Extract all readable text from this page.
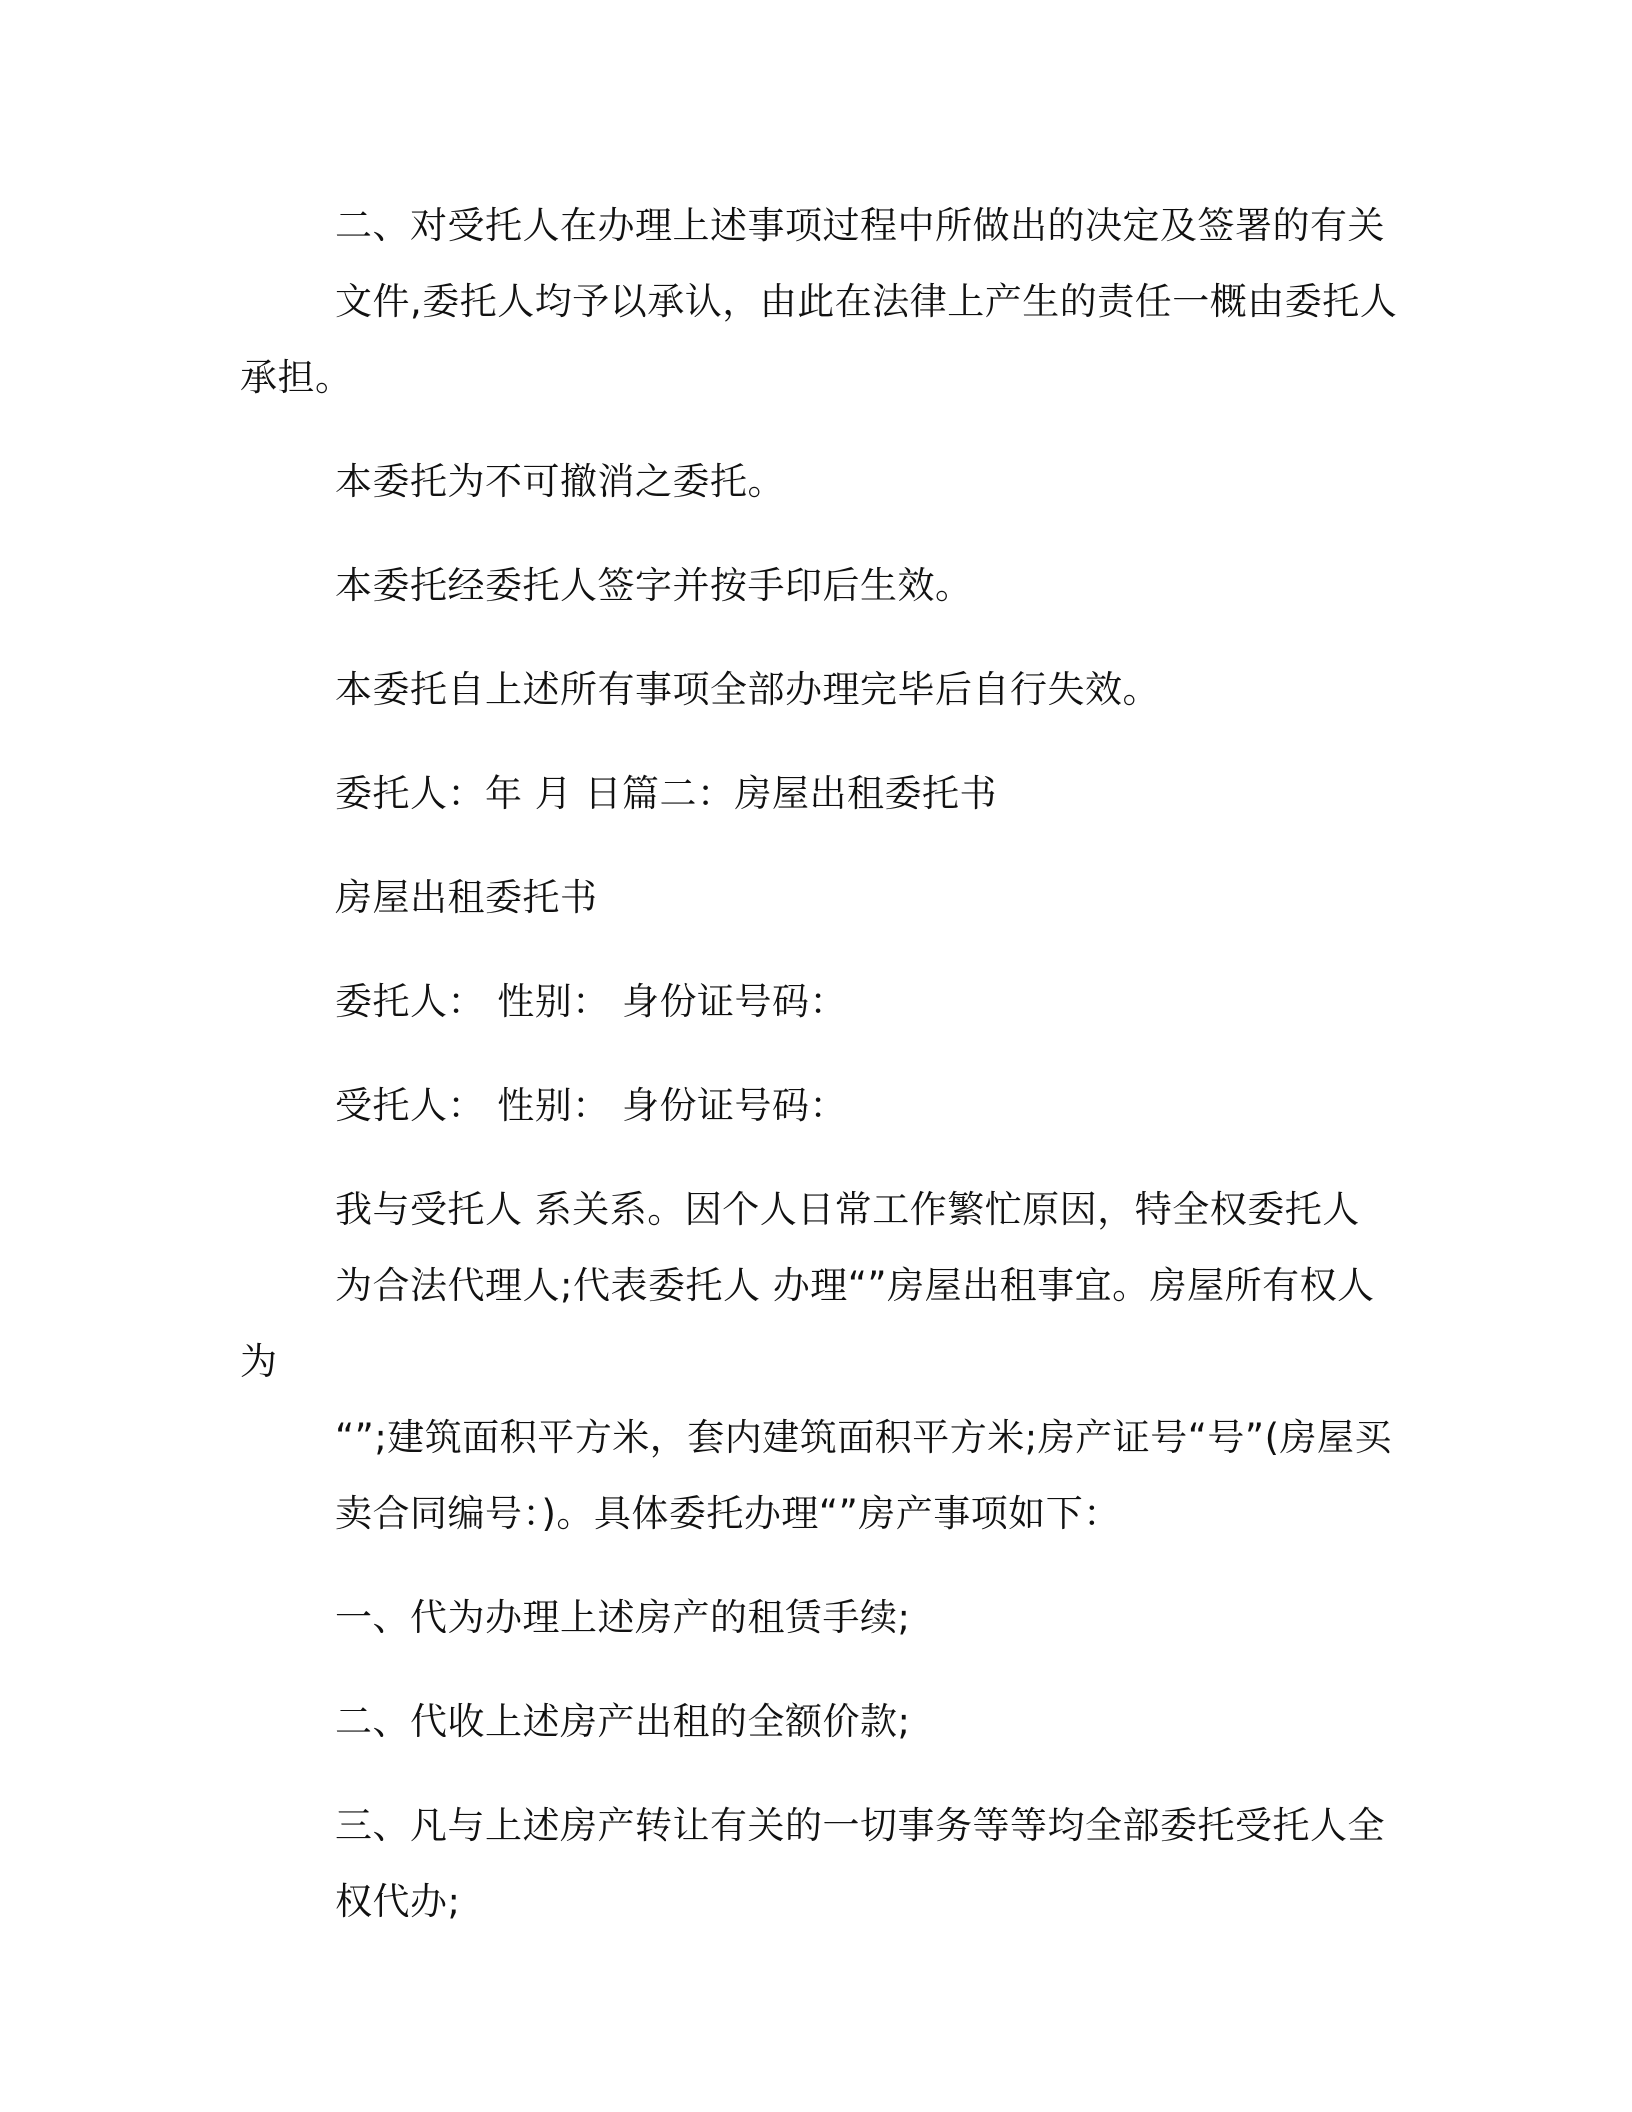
二、对受托人在办理上述事项过程中所做出的决定及签署的有关
文件,委托人均予以承认，由此在法律上产生的责任一概由委托人承担。

本委托为不可撤消之委托。

本委托经委托人签字并按手印后生效。

本委托自上述所有事项全部办理完毕后自行失效。

委托人：年 月 日篇二：房屋出租委托书

房屋出租委托书

委托人： 性别： 身份证号码：

受托人： 性别： 身份证号码：

我与受托人 系关系。因个人日常工作繁忙原因，特全权委托人
为合法代理人;代表委托人 办理“”房屋出租事宜。房屋所有权人为
“”;建筑面积平方米，套内建筑面积平方米;房产证号“号”(房屋买
卖合同编号：)。具体委托办理“”房产事项如下：

一、代为办理上述房产的租赁手续;

二、代收上述房产出租的全额价款;

三、凡与上述房产转让有关的一切事务等等均全部委托受托人全
权代办;
